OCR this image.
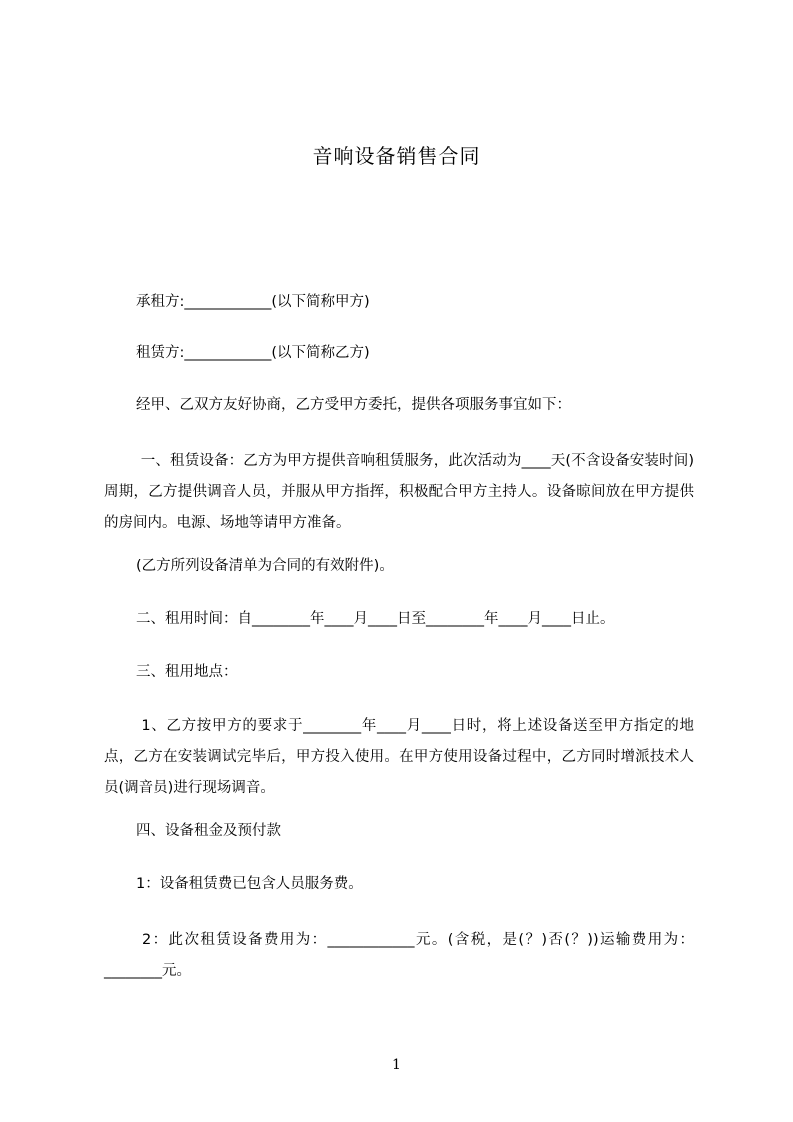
音响设备销售合同

承租方:____________(以下简称甲方)

租赁方:____________(以下简称乙方)

经甲、乙双方友好协商，乙方受甲方委托，提供各项服务事宜如下：

一、租赁设备：乙方为甲方提供音响租赁服务，此次活动为____天(不含设备安装时间)周期，乙方提供调音人员，并服从甲方指挥，积极配合甲方主持人。设备晾间放在甲方提供的房间内。电源、场地等请甲方准备。

(乙方所列设备清单为合同的有效附件)。

二、租用时间：自________年____月____日至________年____月____日止。

三、租用地点：

1、乙方按甲方的要求于________年____月____日时，将上述设备送至甲方指定的地点，乙方在安装调试完毕后，甲方投入使用。在甲方使用设备过程中，乙方同时增派技术人员(调音员)进行现场调音。

四、设备租金及预付款

1：设备租赁费已包含人员服务费。

2：此次租赁设备费用为：____________元。(含税，是(？)否(？))运输费用为：________元。

1
